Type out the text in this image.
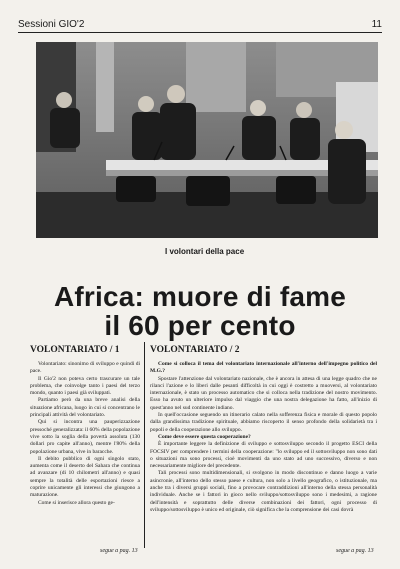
Sessioni GIO'2	11
I volontari della pace
Africa: muore di fame
il 60 per cento
VOLONTARIATO / 1

Volontariato: sinonimo di sviluppo e quindi di pace.

Il Gio'2 non poteva certo trascurare un tale problema, che coinvolge tanto i paesi del terzo mondo, quanto i paesi già sviluppati.

Partiamo però da una breve analisi della situazione africana, luogo in cui si concentrano le principali attività del volontariato.

Qui si incontra una pauperizzazione pressoché generalizzata: il 60% della popolazione vive sotto la soglia della povertà assoluta (130 dollari pro capite all'anno), mentre l'80% della popolazione urbana, vive in baracche.

Il debito pubblico di ogni singolo stato, aumenta come il deserto del Sahara che continua ad avanzare (di 10 chilometri all'anno) e quasi sempre la totalità delle esportazioni riesce a coprire unicamente gli interessi che giungono a maturazione.

Come si inserisce allora questo ge-

segue a pag. 13
VOLONTARIATO / 2

Come si colloca il tema del volontariato internazionale all'interno dell'impegno politico del M.G.?

Spostare l'attenzione dal volontariato nazionale, che è ancora in attesa di una legge quadro che ne rilanci l'azione e lo liberi dalle pesanti difficoltà in cui oggi è costretto a muoversi, al volontariato internazionale, è stato un processo automatico che si colloca nella tradizione del nostro movimento. Esso ha avuto un ulteriore impulso dal viaggio che una nostra delegazione ha fatto, all'inizio di quest'anno nel sud continente indiano.

In quell'occasione seguendo un itinerario calato nella sofferenza fisica e morale di questo popolo dalla grandissima tradizione spirituale, abbiamo riscoperto il senso profondo della solidarietà tra i popoli e della cooperazione allo sviluppo.

Come deve essere questa cooperazione?

È importante leggere la definizione di sviluppo e sottosviluppo secondo il progetto ESCI della FOCSIV per comprendere i termini della cooperazione: "lo sviluppo ed il sottosviluppo non sono dati o situazioni ma sono processi, cioè movimenti da uno stato ad uno successivo, diverso e non necessariamente migliore del precedente.

Tali processi sono multidimensionali, si svolgono in modo discontinuo e danno luogo a varie asincronie, all'interno dello stesso paese e cultura, non solo a livello geografico, o istituzionale, ma anche tra i diversi gruppi sociali, fino a provocare contraddizioni all'interno della stessa personalità individuale. Anche se i fattori in gioco nello sviluppo/sottosviluppo sono i medesimi, a ragione dell'intensità e soprattutto delle diverse combinazioni dei fattori, ogni processo di sviluppo/sottosviluppo è unico ed originale, ciò significa che la comprensione dei casi dovrà

segue a pag. 13
